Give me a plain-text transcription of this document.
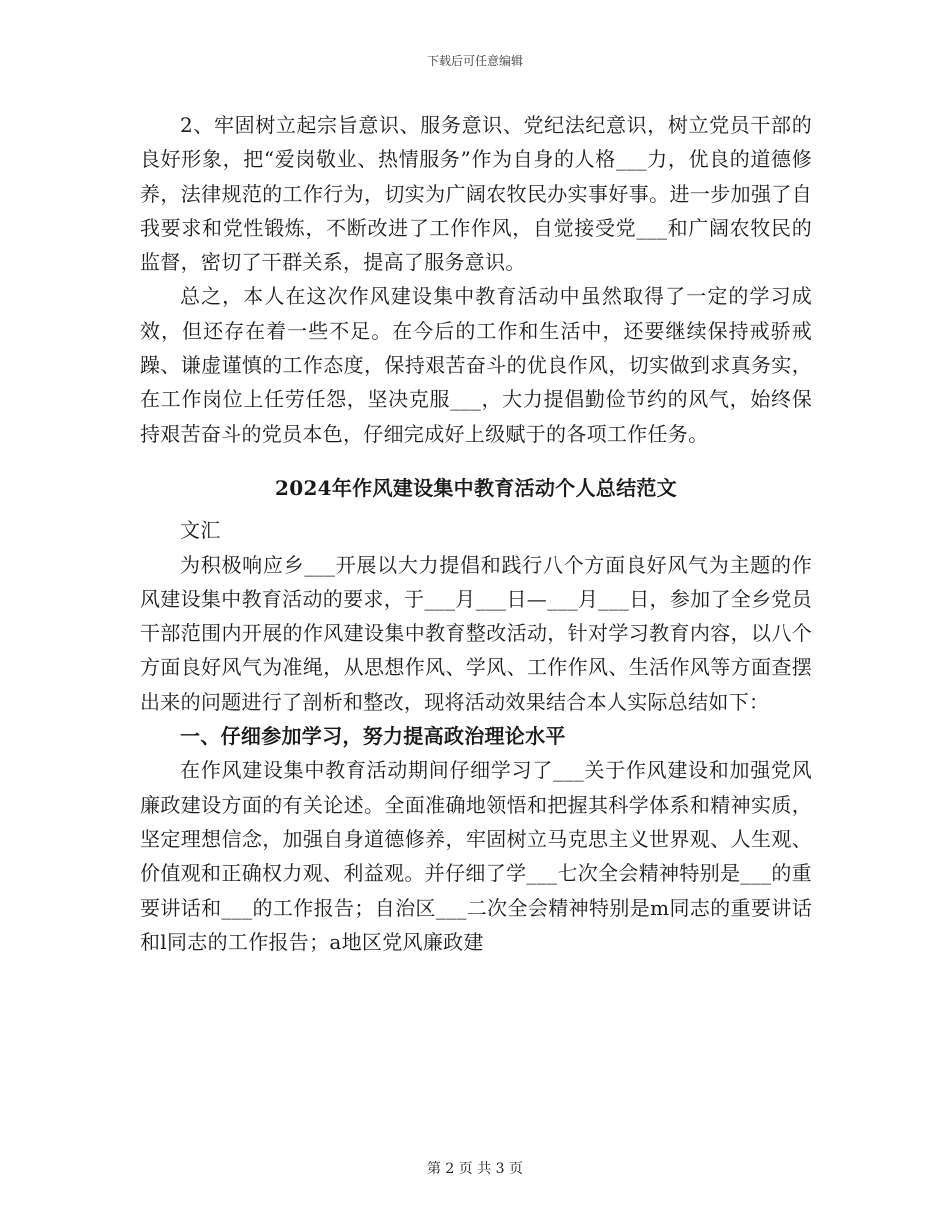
下载后可任意编辑

2、牢固树立起宗旨意识、服务意识、党纪法纪意识，树立党员干部的良好形象，把“爱岗敬业、热情服务”作为自身的人格___力，优良的道德修养，法律规范的工作行为，切实为广阔农牧民办实事好事。进一步加强了自我要求和党性锻炼，不断改进了工作作风，自觉接受党___和广阔农牧民的监督，密切了干群关系，提高了服务意识。

总之，本人在这次作风建设集中教育活动中虽然取得了一定的学习成效，但还存在着一些不足。在今后的工作和生活中，还要继续保持戒骄戒躁、谦虚谨慎的工作态度，保持艰苦奋斗的优良作风，切实做到求真务实，在工作岗位上任劳任怨，坚决克服___，大力提倡勤俭节约的风气，始终保持艰苦奋斗的党员本色，仔细完成好上级赋于的各项工作任务。

2024年作风建设集中教育活动个人总结范文

文汇

为积极响应乡___开展以大力提倡和践行八个方面良好风气为主题的作风建设集中教育活动的要求，于___月___日—___月___日，参加了全乡党员干部范围内开展的作风建设集中教育整改活动，针对学习教育内容，以八个方面良好风气为准绳，从思想作风、学风、工作作风、生活作风等方面查摆出来的问题进行了剖析和整改，现将活动效果结合本人实际总结如下：

一、仔细参加学习，努力提高政治理论水平

在作风建设集中教育活动期间仔细学习了___关于作风建设和加强党风廉政建设方面的有关论述。全面准确地领悟和把握其科学体系和精神实质，坚定理想信念，加强自身道德修养，牢固树立马克思主义世界观、人生观、价值观和正确权力观、利益观。并仔细了学___七次全会精神特别是___的重要讲话和___的工作报告；自治区___二次全会精神特别是m同志的重要讲话和l同志的工作报告；a地区党风廉政建

第 2 页 共 3 页
